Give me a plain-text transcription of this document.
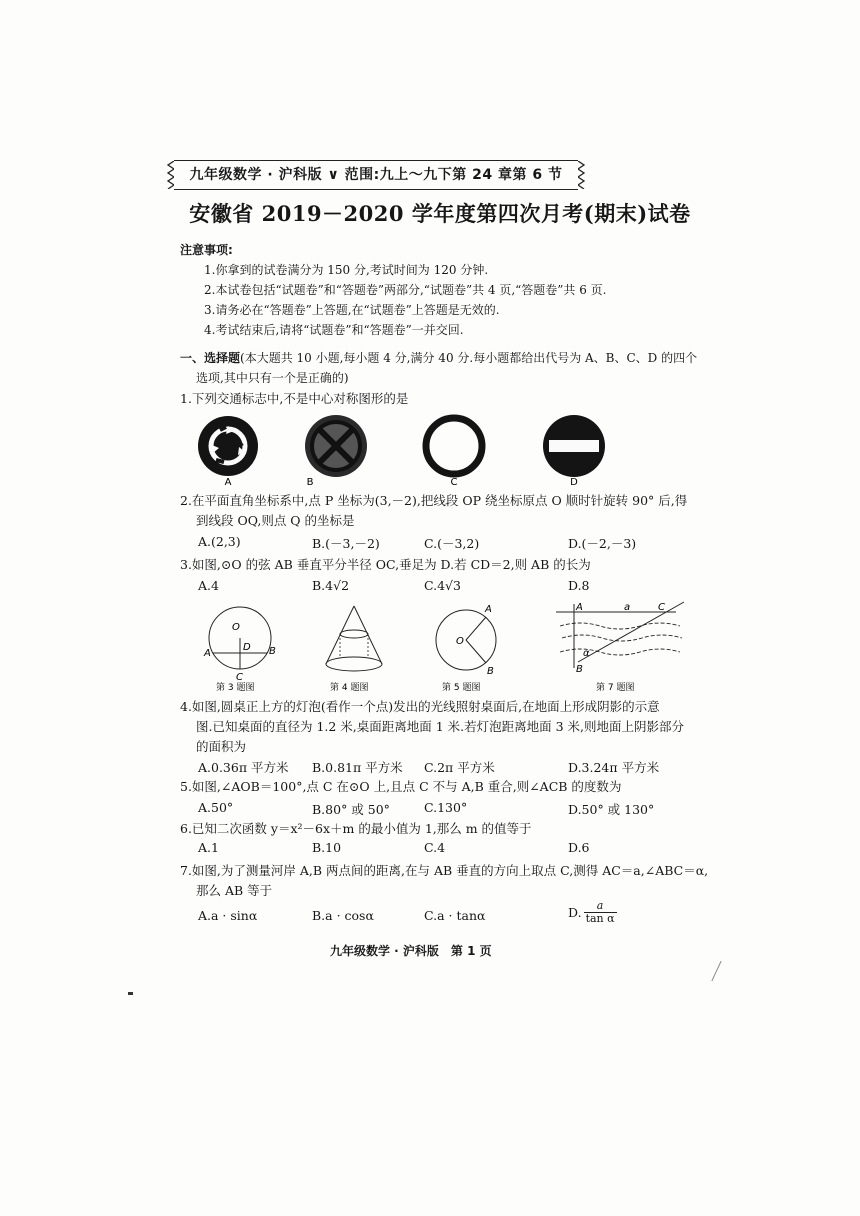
九年级数学 · 沪科版 ∨ 范围:九上～九下第 24 章第 6 节
安徽省 2019－2020 学年度第四次月考(期末)试卷
注意事项:
1.你拿到的试卷满分为 150 分,考试时间为 120 分钟.
2.本试卷包括“试题卷”和“答题卷”两部分,“试题卷”共 4 页,“答题卷”共 6 页.
3.请务必在“答题卷”上答题,在“试题卷”上答题是无效的.
4.考试结束后,请将“试题卷”和“答题卷”一并交回.
一、选择题(本大题共 10 小题,每小题 4 分,满分 40 分.每小题都给出代号为 A、B、C、D 的四个
选项,其中只有一个是正确的)
1.下列交通标志中,不是中心对称图形的是
A	B	C	D
2.在平面直角坐标系中,点 P 坐标为(3,－2),把线段 OP 绕坐标原点 O 顺时针旋转 90° 后,得
到线段 OQ,则点 Q 的坐标是
A.(2,3)	B.(－3,－2)	C.(－3,2)	D.(－2,－3)
3.如图,⊙O 的弦 AB 垂直平分半径 OC,垂足为 D.若 CD＝2,则 AB 的长为
A.4	B.4√2	C.4√3	D.8
O
D
A	B
C
O
A
B
A	a	C
α
B
第 3 题图	第 4 题图	第 5 题图	第 7 题图
4.如图,圆桌正上方的灯泡(看作一个点)发出的光线照射桌面后,在地面上形成阴影的示意
图.已知桌面的直径为 1.2 米,桌面距离地面 1 米.若灯泡距离地面 3 米,则地面上阴影部分
的面积为
A.0.36π 平方米 B.0.81π 平方米 C.2π 平方米	D.3.24π 平方米
5.如图,∠AOB＝100°,点 C 在⊙O 上,且点 C 不与 A,B 重合,则∠ACB 的度数为
A.50°	B.80° 或 50°	C.130°	D.50° 或 130°
6.已知二次函数 y＝x²－6x＋m 的最小值为 1,那么 m 的值等于
A.1	B.10	C.4	D.6
7.如图,为了测量河岸 A,B 两点间的距离,在与 AB 垂直的方向上取点 C,测得 AC＝a,∠ABC＝α,
那么 AB 等于
A.a · sinα	B.a · cosα	C.a · tanα	D. $\frac{a}{\text{tan α}}$
九年级数学 · 沪科版　第 1 页
